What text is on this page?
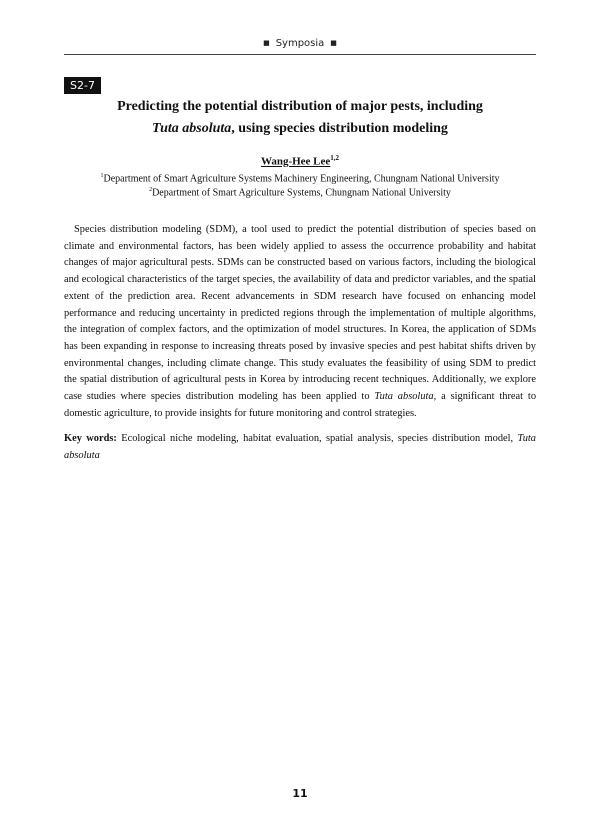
■ Symposia ■
S2-7
Predicting the potential distribution of major pests, including
Tuta absoluta, using species distribution modeling
Wang-Hee Lee$^{1,2}$
$^1$Department of Smart Agriculture Systems Machinery Engineering, Chungnam National University
$^2$Department of Smart Agriculture Systems, Chungnam National University

Species distribution modeling (SDM), a tool used to predict the potential distribution of species based on climate and environmental factors, has been widely applied to assess the occurrence probability and habitat changes of major agricultural pests. SDMs can be constructed based on various factors, including the biological and ecological characteristics of the target species, the availability of data and predictor variables, and the spatial extent of the prediction area. Recent advancements in SDM research have focused on enhancing model performance and reducing uncertainty in predicted regions through the implementation of multiple algorithms, the integration of complex factors, and the optimization of model structures. In Korea, the application of SDMs has been expanding in response to increasing threats posed by invasive species and pest habitat shifts driven by environmental changes, including climate change. This study evaluates the feasibility of using SDM to predict the spatial distribution of agricultural pests in Korea by introducing recent techniques. Additionally, we explore case studies where species distribution modeling has been applied to Tuta absoluta, a significant threat to domestic agriculture, to provide insights for future monitoring and control strategies.

Key words: Ecological niche modeling, habitat evaluation, spatial analysis, species distribution model, Tuta absoluta

11
